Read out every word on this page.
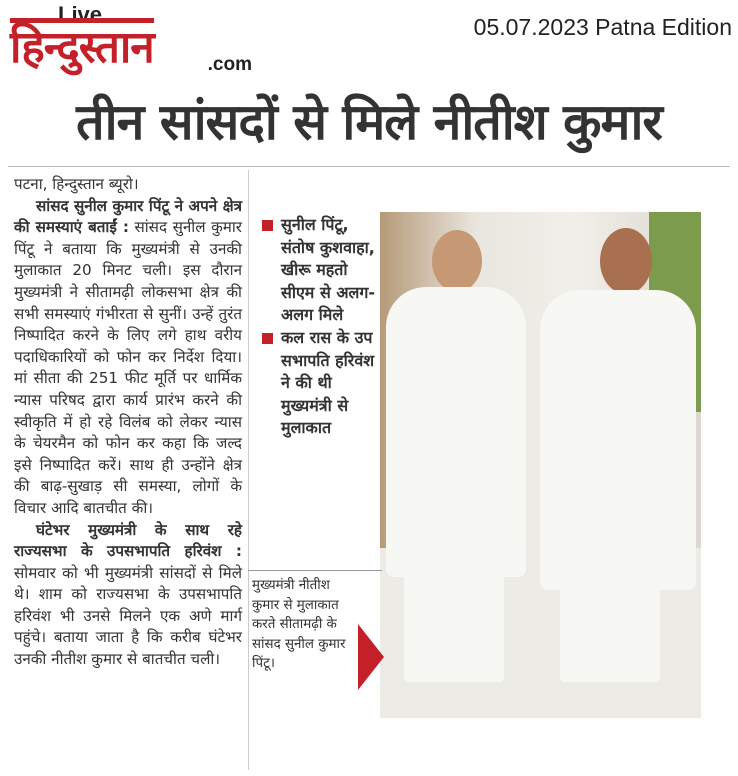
Live
हिन्दुस्तान	.com
05.07.2023 Patna Edition
तीन सांसदों से मिले नीतीश कुमार

पटना, हिन्दुस्तान ब्यूरो।

सांसद सुनील कुमार पिंटू ने अपने क्षेत्र की समस्याएं बताईं : सांसद सुनील कुमार पिंटू ने बताया कि मुख्यमंत्री से उनकी मुलाकात 20 मिनट चली। इस दौरान मुख्यमंत्री ने सीतामढ़ी लोकसभा क्षेत्र की सभी समस्याएं गंभीरता से सुनीं। उन्हें तुरंत निष्पादित करने के लिए लगे हाथ वरीय पदाधिकारियों को फोन कर निर्देश दिया। मां सीता की 251 फीट मूर्ति पर धार्मिक न्यास परिषद द्वारा कार्य प्रारंभ करने की स्वीकृति में हो रहे विलंब को लेकर न्यास के चेयरमैन को फोन कर कहा कि जल्द इसे निष्पादित करें। साथ ही उन्होंने क्षेत्र की बाढ़-सुखाड़ सी समस्या, लोगों के विचार आदि बातचीत की।

घंटेभर मुख्यमंत्री के साथ रहे राज्यसभा के उपसभापति हरिवंश : सोमवार को भी मुख्यमंत्री सांसदों से मिले थे। शाम को राज्यसभा के उपसभापति हरिवंश भी उनसे मिलने एक अणे मार्ग पहुंचे। बताया जाता है कि करीब घंटेभर उनकी नीतीश कुमार से बातचीत चली।

सुनील पिंटू, संतोष कुशवाहा, खीरू महतो सीएम से अलग-अलग मिले
कल रास के उप सभापति हरिवंश ने की थी मुख्यमंत्री से मुलाकात
मुख्यमंत्री नीतीश कुमार से मुलाकात करते सीतामढ़ी के सांसद सुनील कुमार पिंटू।
